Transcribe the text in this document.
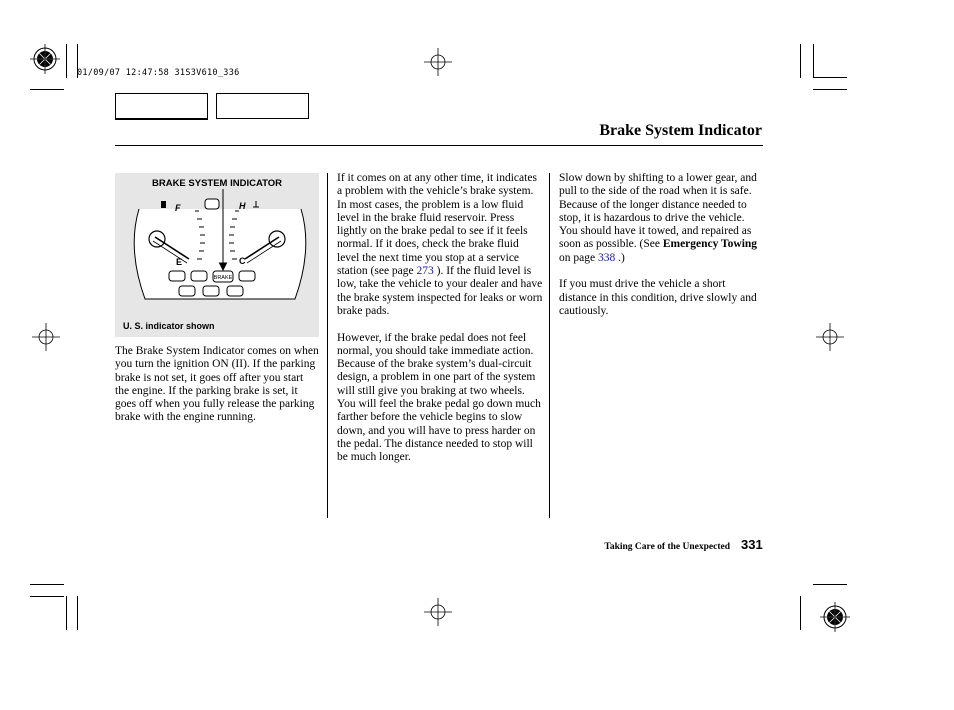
01/09/07 12:47:58 31S3V610_336
Brake System Indicator
BRAKE SYSTEM INDICATOR
F
E
H
C
BRAKE
U. S. indicator shown

The Brake System Indicator comes on when you turn the ignition ON (II). If the parking brake is not set, it goes off after you start the engine. If the parking brake is set, it goes off when you fully release the parking brake with the engine running.

If it comes on at any other time, it indicates a problem with the vehicle’s brake system. In most cases, the problem is a low fluid level in the brake fluid reservoir. Press lightly on the brake pedal to see if it feels normal. If it does, check the brake fluid level the next time you stop at a service station (see page 273 ). If the fluid level is low, take the vehicle to your dealer and have the brake system inspected for leaks or worn brake pads.

However, if the brake pedal does not feel normal, you should take immediate action. Because of the brake system’s dual-circuit design, a problem in one part of the system will still give you braking at two wheels. You will feel the brake pedal go down much farther before the vehicle begins to slow down, and you will have to press harder on the pedal. The distance needed to stop will be much longer.

Slow down by shifting to a lower gear, and pull to the side of the road when it is safe. Because of the longer distance needed to stop, it is hazardous to drive the vehicle. You should have it towed, and repaired as soon as possible. (See Emergency Towing on page 338 .)

If you must drive the vehicle a short distance in this condition, drive slowly and cautiously.

Taking Care of the Unexpected 331
